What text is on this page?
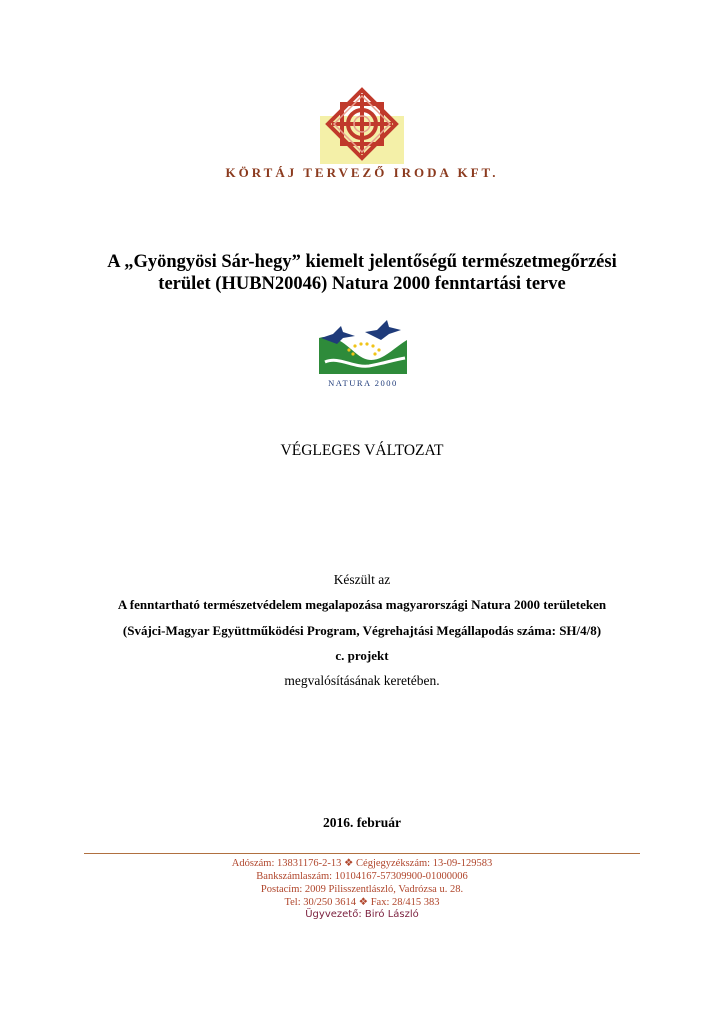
KÖRTÁJ TERVEZŐ IRODA KFT.
A „Gyöngyösi Sár-hegy” kiemelt jelentőségű természetmegőrzési
terület (HUBN20046) Natura 2000 fenntartási terve
NATURA 2000
VÉGLEGES VÁLTOZAT
Készült az
A fenntartható természetvédelem megalapozása magyarországi Natura 2000 területeken
(Svájci-Magyar Együttműködési Program, Végrehajtási Megállapodás száma: SH/4/8)
c. projekt
megvalósításának keretében.
2016. február
Adószám: 13831176-2-13 ❖ Cégjegyzékszám: 13-09-129583
Bankszámlaszám: 10104167-57309900-01000006
Postacím: 2009 Pilisszentlászló, Vadrózsa u. 28.
Tel: 30/250 3614 ❖ Fax: 28/415 383
Ügyvezető: Biró László
